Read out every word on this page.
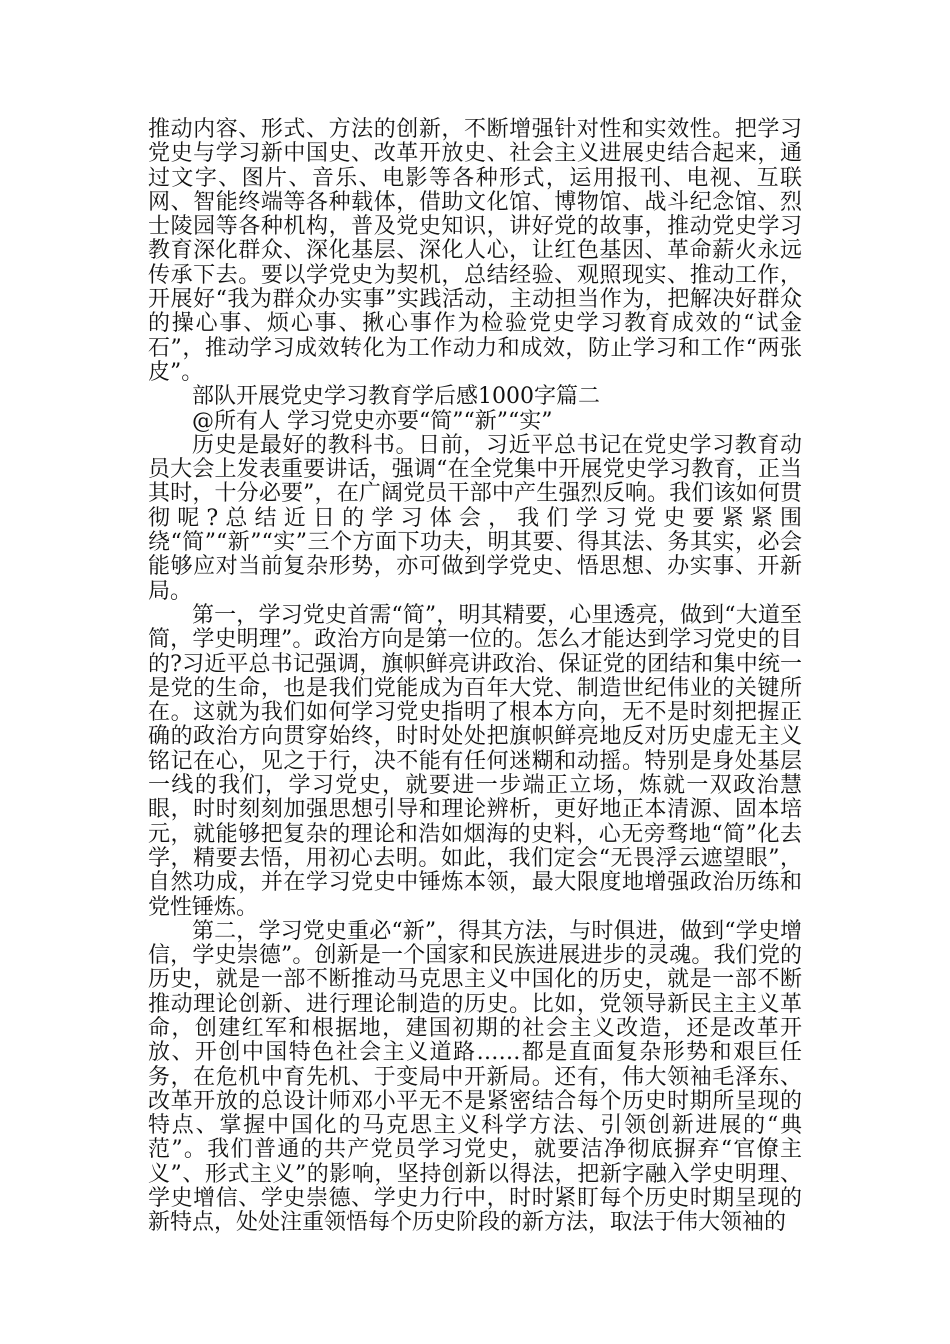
推动内容、形式、方法的创新，不断增强针对性和实效性。把学习党史与学习新中国史、改革开放史、社会主义进展史结合起来，通过文字、图片、音乐、电影等各种形式，运用报刊、电视、互联网、智能终端等各种载体，借助文化馆、博物馆、战斗纪念馆、烈士陵园等各种机构，普及党史知识，讲好党的故事，推动党史学习教育深化群众、深化基层、深化人心，让红色基因、革命薪火永远传承下去。要以学党史为契机，总结经验、观照现实、推动工作，开展好“我为群众办实事”实践活动，主动担当作为，把解决好群众的操心事、烦心事、揪心事作为检验党史学习教育成效的“试金石”，推动学习成效转化为工作动力和成效，防止学习和工作“两张皮”。

部队开展党史学习教育学后感1000字篇二

@所有人 学习党史亦要“简”“新”“实”

历史是最好的教科书。日前，习近平总书记在党史学习教育动员大会上发表重要讲话，强调“在全党集中开展党史学习教育，正当其时，十分必要”，在广阔党员干部中产生强烈反响。我们该如何贯彻呢?总结近日的学习体会，我们学习党史要紧紧围绕“简”“新”“实”三个方面下功夫，明其要、得其法、务其实，必会能够应对当前复杂形势，亦可做到学党史、悟思想、办实事、开新局。

第一，学习党史首需“简”，明其精要，心里透亮，做到“大道至简，学史明理”。政治方向是第一位的。怎么才能达到学习党史的目的?习近平总书记强调，旗帜鲜亮讲政治、保证党的团结和集中统一是党的生命，也是我们党能成为百年大党、制造世纪伟业的关键所在。这就为我们如何学习党史指明了根本方向，无不是时刻把握正确的政治方向贯穿始终，时时处处把旗帜鲜亮地反对历史虚无主义铭记在心，见之于行，决不能有任何迷糊和动摇。特别是身处基层一线的我们，学习党史，就要进一步端正立场，炼就一双政治慧眼，时时刻刻加强思想引导和理论辨析，更好地正本清源、固本培元，就能够把复杂的理论和浩如烟海的史料，心无旁骛地“简”化去学，精要去悟，用初心去明。如此，我们定会“无畏浮云遮望眼”，自然功成，并在学习党史中锤炼本领，最大限度地增强政治历练和党性锤炼。

第二，学习党史重必“新”，得其方法，与时俱进，做到“学史增信，学史崇德”。创新是一个国家和民族进展进步的灵魂。我们党的历史，就是一部不断推动马克思主义中国化的历史，就是一部不断推动理论创新、进行理论制造的历史。比如，党领导新民主主义革命，创建红军和根据地，建国初期的社会主义改造，还是改革开放、开创中国特色社会主义道路……都是直面复杂形势和艰巨任务，在危机中育先机、于变局中开新局。还有，伟大领袖毛泽东、改革开放的总设计师邓小平无不是紧密结合每个历史时期所呈现的特点、掌握中国化的马克思主义科学方法、引领创新进展的“典范”。我们普通的共产党员学习党史，就要洁净彻底摒弃“官僚主义”、形式主义”的影响，坚持创新以得法，把新字融入学史明理、学史增信、学史崇德、学史力行中，时时紧盯每个历史时期呈现的新特点，处处注重领悟每个历史阶段的新方法，取法于伟大领袖的
